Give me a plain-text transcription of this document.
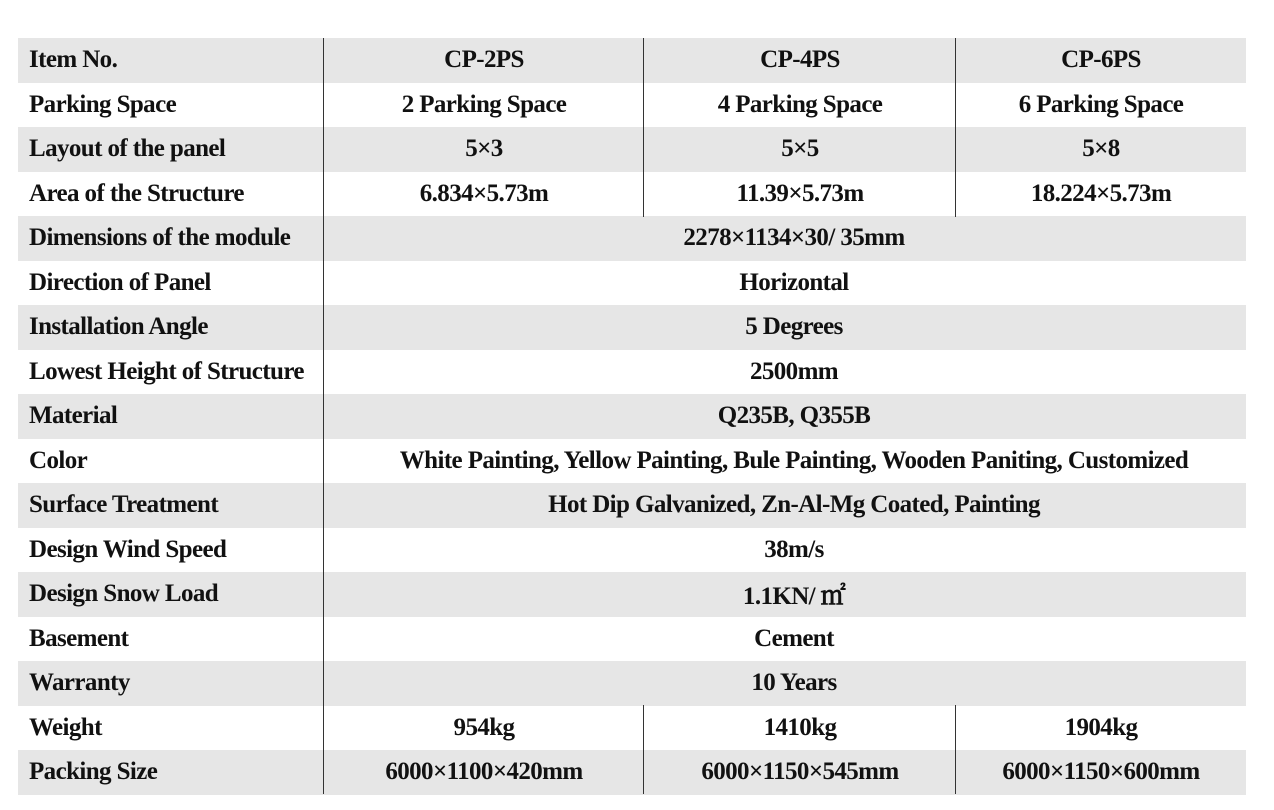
Item No.	CP-2PS	CP-4PS	CP-6PS
Parking Space	2 Parking Space	4 Parking Space	6 Parking Space
Layout of the panel	5×3	5×5	5×8
Area of the Structure	6.834×5.73m	11.39×5.73m	18.224×5.73m
Dimensions of the module	2278×1134×30/ 35mm
Direction of Panel	Horizontal
Installation Angle	5 Degrees
Lowest Height of Structure	2500mm
Material	Q235B, Q355B
Color	White Painting, Yellow Painting, Bule Painting, Wooden Paniting, Customized
Surface Treatment	Hot Dip Galvanized, Zn-Al-Mg Coated, Painting
Design Wind Speed	38m/s
Design Snow Load	1.1KN/ ㎡
Basement	Cement
Warranty	10 Years
Weight	954kg	1410kg	1904kg
Packing Size	6000×1100×420mm	6000×1150×545mm	6000×1150×600mm
